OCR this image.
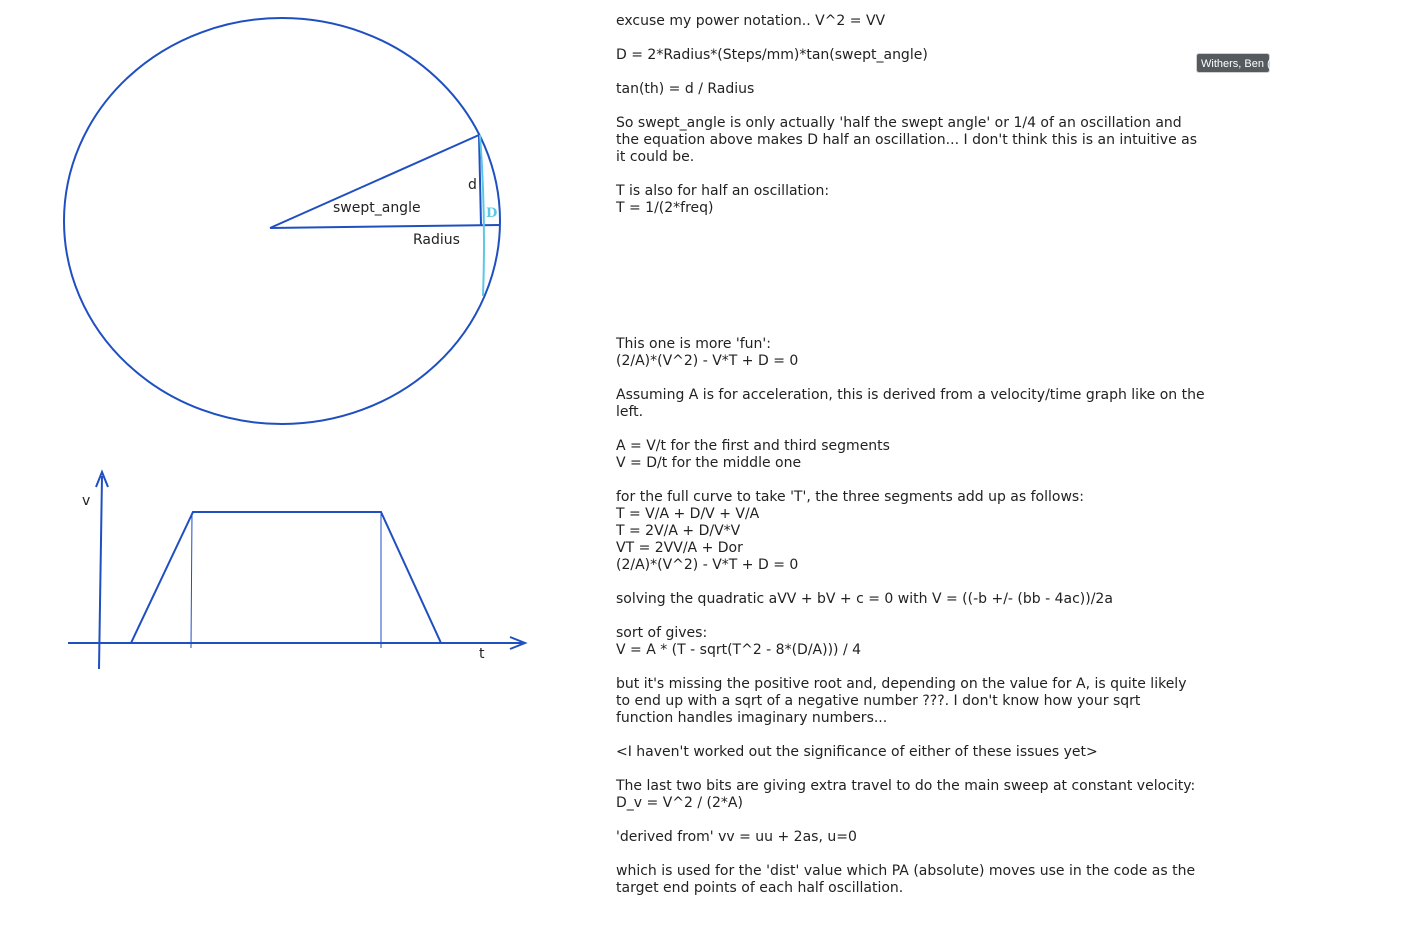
swept_angle
Radius
d
D
v
t
Withers, Ben (...
excuse my power notation.. V^2 = VV
D = 2*Radius*(Steps/mm)*tan(swept_angle)
tan(th) = d / Radius
So swept_angle is only actually 'half the swept angle' or 1/4 of an oscillation and
the equation above makes D half an oscillation... I don't think this is an intuitive as
it could be.
T is also for half an oscillation:
T = 1/(2*freq)
This one is more 'fun':
(2/A)*(V^2) - V*T + D = 0
Assuming A is for acceleration, this is derived from a velocity/time graph like on the
left.
A = V/t for the first and third segments
V = D/t for the middle one
for the full curve to take 'T', the three segments add up as follows:
T = V/A + D/V + V/A
T = 2V/A + D/V*V
VT = 2VV/A + Dor
(2/A)*(V^2) - V*T + D = 0
solving the quadratic aVV + bV + c = 0 with V = ((-b +/- (bb - 4ac))/2a
sort of gives:
V = A * (T - sqrt(T^2 - 8*(D/A))) / 4
but it's missing the positive root and, depending on the value for A, is quite likely
to end up with a sqrt of a negative number ???. I don't know how your sqrt
function handles imaginary numbers...
<I haven't worked out the significance of either of these issues yet>
The last two bits are giving extra travel to do the main sweep at constant velocity:
D_v = V^2 / (2*A)
'derived from' vv = uu + 2as, u=0
which is used for the 'dist' value which PA (absolute) moves use in the code as the
target end points of each half oscillation.
